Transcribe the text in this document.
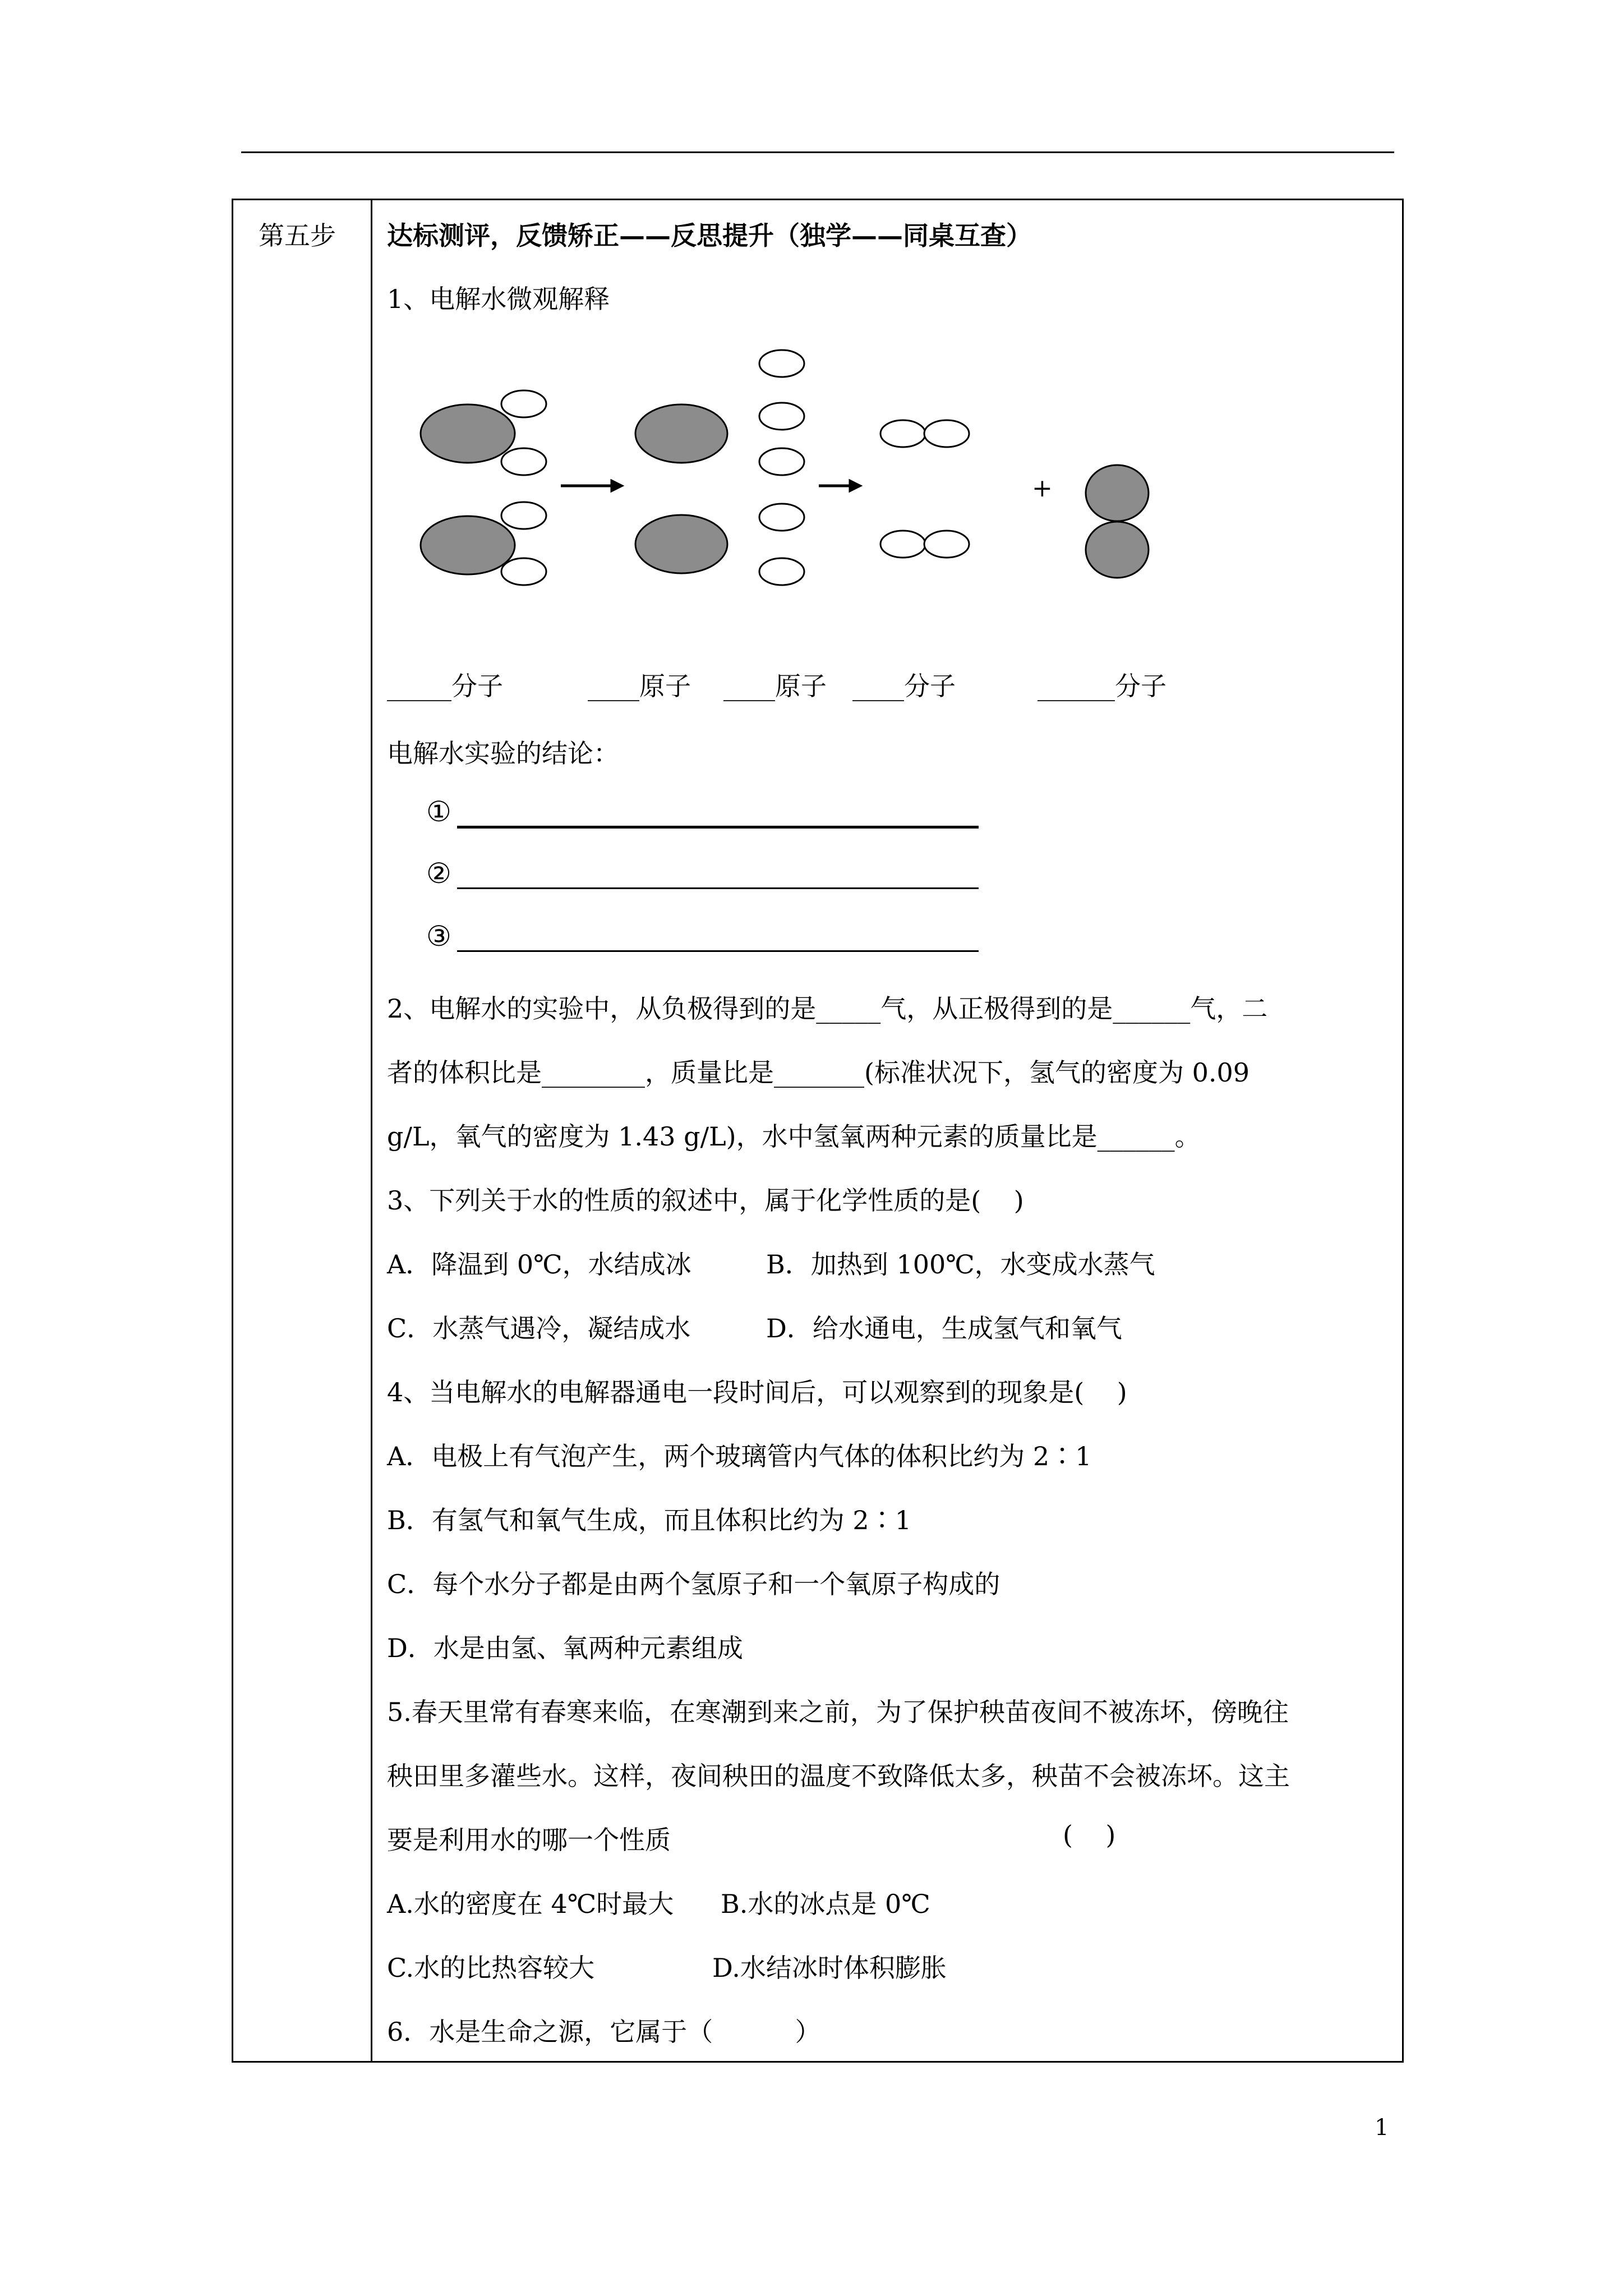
第五步 达标测评，反馈矫正——反思提升（独学——同桌互查）
1、电解水微观解释
+
_____分子	____原子 ____原子 ____分子	______分子
电解水实验的结论：
①
②
③
2、电解水的实验中，从负极得到的是_____气，从正极得到的是______气，二
者的体积比是________，质量比是_______(标准状况下，氢气的密度为 0.09
g/L，氧气的密度为 1.43 g/L)，水中氢氧两种元素的质量比是______。
3、下列关于水的性质的叙述中，属于化学性质的是(    )
A．降温到 0℃，水结成冰	B．加热到 100℃，水变成水蒸气
C．水蒸气遇冷，凝结成水	D．给水通电，生成氢气和氧气
4、当电解水的电解器通电一段时间后，可以观察到的现象是(    )
A．电极上有气泡产生，两个玻璃管内气体的体积比约为 2∶1
B．有氢气和氧气生成，而且体积比约为 2∶1
C．每个水分子都是由两个氢原子和一个氧原子构成的
D．水是由氢、氧两种元素组成
5.春天里常有春寒来临，在寒潮到来之前，为了保护秧苗夜间不被冻坏，傍晚往
秧田里多灌些水。这样，夜间秧田的温度不致降低太多，秧苗不会被冻坏。这主
要是利用水的哪一个性质	(    )
A.水的密度在 4℃时最大 B.水的冰点是 0℃
C.水的比热容较大	D.水结冰时体积膨胀
6．水是生命之源，它属于（          ）
1
